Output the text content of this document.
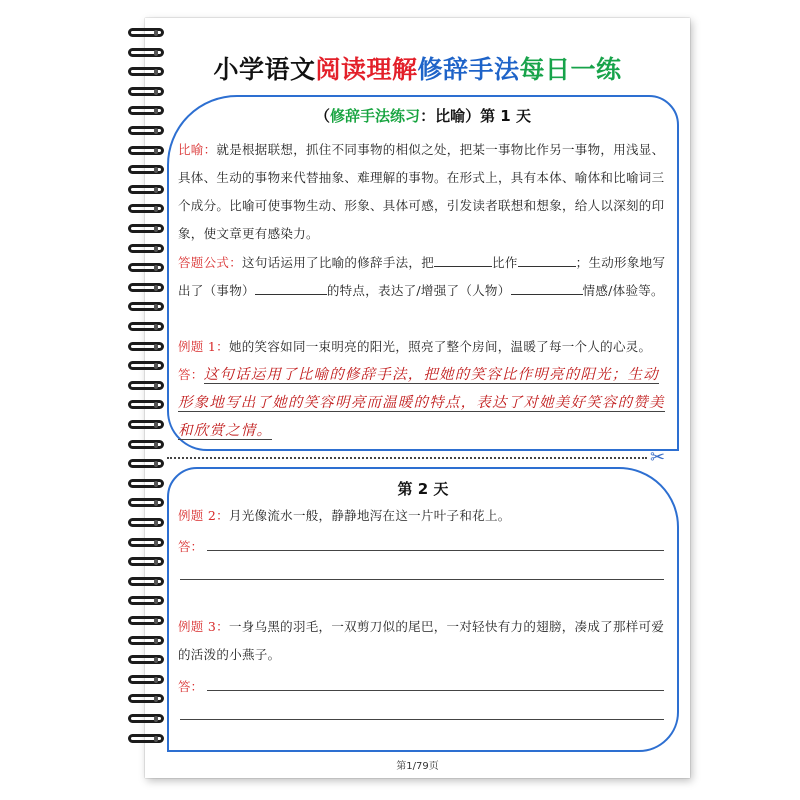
小学语文阅读理解修辞手法每日一练
（修辞手法练习：比喻）第 1 天
比喻：就是根据联想，抓住不同事物的相似之处，把某一事物比作另一事物，用浅显、具体、生动的事物来代替抽象、难理解的事物。在形式上，具有本体、喻体和比喻词三个成分。比喻可使事物生动、形象、具体可感，引发读者联想和想象，给人以深刻的印象，使文章更有感染力。
答题公式：这句话运用了比喻的修辞手法，把	比作	；生动形象地写出了（事物）	的特点，表达了/增强了（人物）	情感/体验等。
例题 1：她的笑容如同一束明亮的阳光，照亮了整个房间，温暖了每一个人的心灵。
答：这句话运用了比喻的修辞手法，把她的笑容比作明亮的阳光；生动形象地写出了她的笑容明亮而温暖的特点，表达了对她美好笑容的赞美和欣赏之情。
✂
第 2 天
例题 2：月光像流水一般，静静地泻在这一片叶子和花上。
答：
例题 3：一身乌黑的羽毛，一双剪刀似的尾巴，一对轻快有力的翅膀，凑成了那样可爱的活泼的小燕子。
答：
第1/79页
